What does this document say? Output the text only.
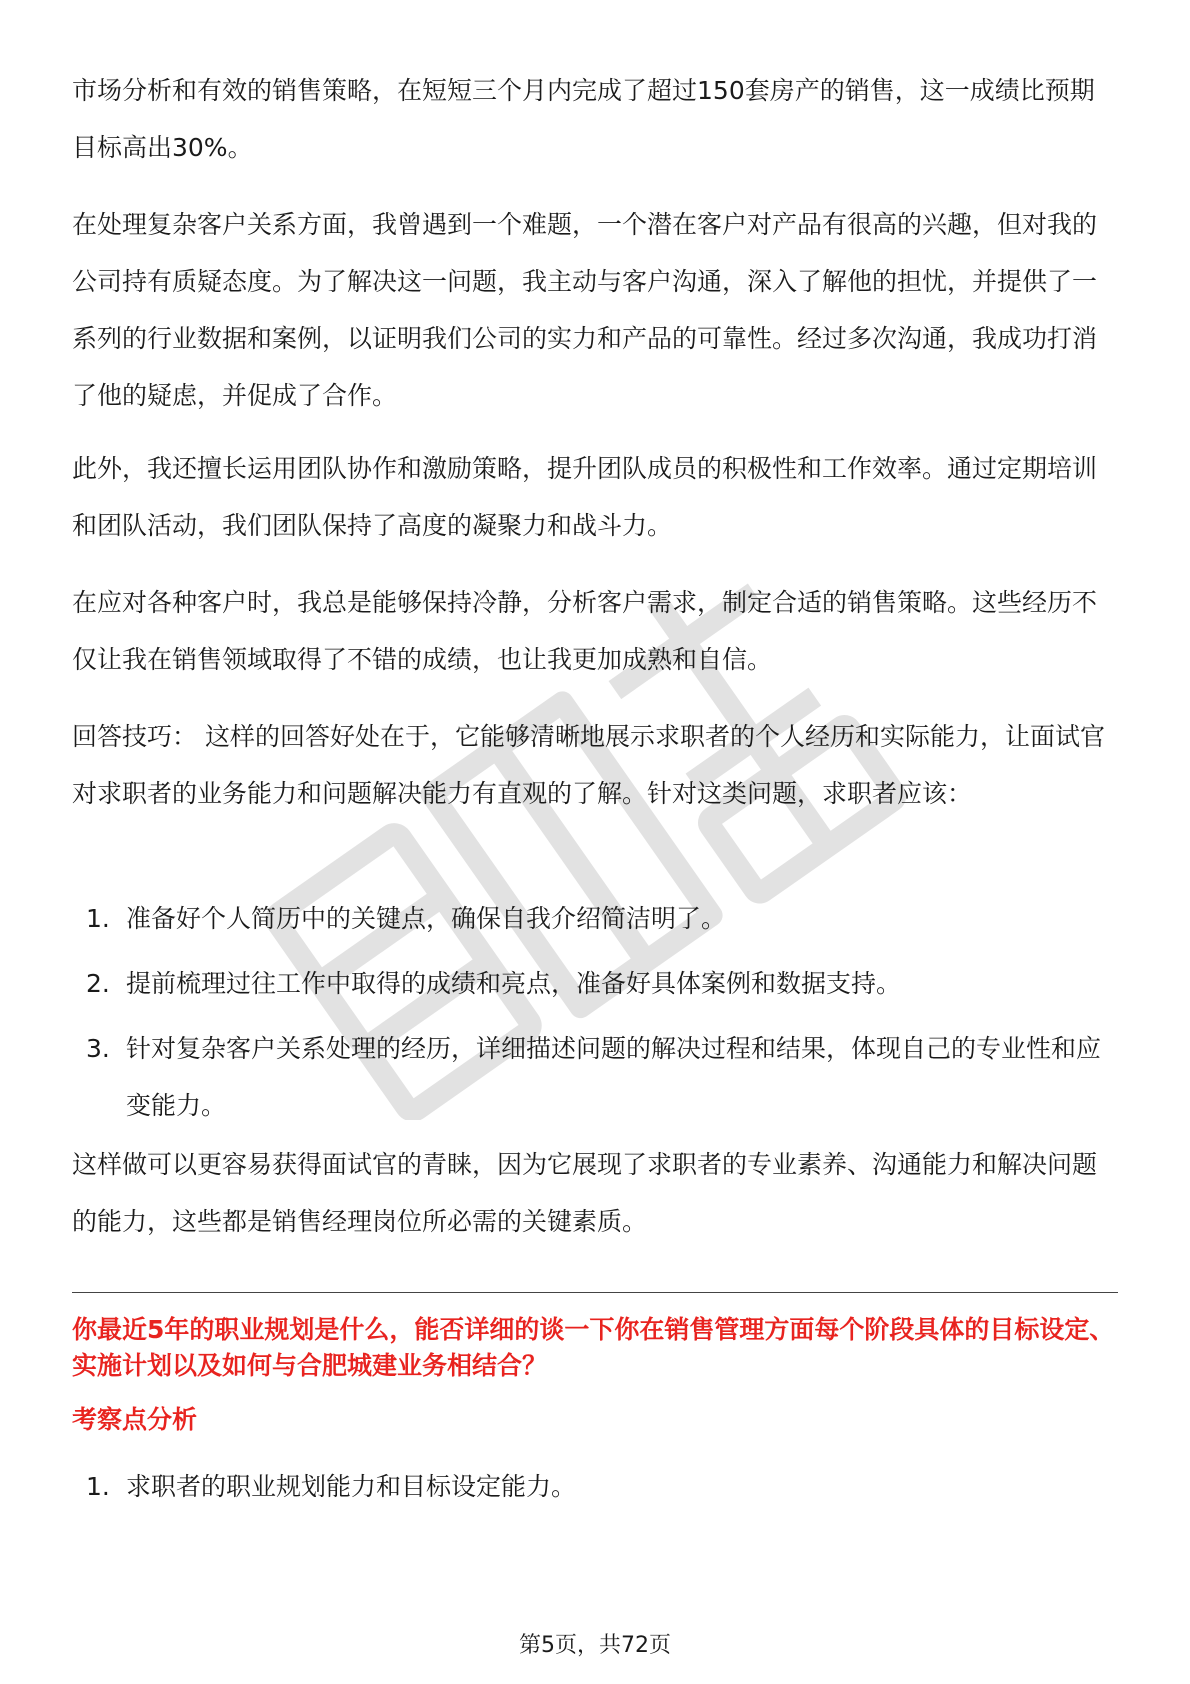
市场分析和有效的销售策略，在短短三个月内完成了超过150套房产的销售，这一成绩比预期目标高出30%。

在处理复杂客户关系方面，我曾遇到一个难题，一个潜在客户对产品有很高的兴趣，但对我的公司持有质疑态度。为了解决这一问题，我主动与客户沟通，深入了解他的担忧，并提供了一系列的行业数据和案例，以证明我们公司的实力和产品的可靠性。经过多次沟通，我成功打消了他的疑虑，并促成了合作。

此外，我还擅长运用团队协作和激励策略，提升团队成员的积极性和工作效率。通过定期培训和团队活动，我们团队保持了高度的凝聚力和战斗力。

在应对各种客户时，我总是能够保持冷静，分析客户需求，制定合适的销售策略。这些经历不仅让我在销售领域取得了不错的成绩，也让我更加成熟和自信。

回答技巧： 这样的回答好处在于，它能够清晰地展示求职者的个人经历和实际能力，让面试官对求职者的业务能力和问题解决能力有直观的了解。针对这类问题，求职者应该：

1. 准备好个人简历中的关键点，确保自我介绍简洁明了。
2. 提前梳理过往工作中取得的成绩和亮点，准备好具体案例和数据支持。
3. 针对复杂客户关系处理的经历，详细描述问题的解决过程和结果，体现自己的专业性和应变能力。

这样做可以更容易获得面试官的青睐，因为它展现了求职者的专业素养、沟通能力和解决问题的能力，这些都是销售经理岗位所必需的关键素质。

你最近5年的职业规划是什么，能否详细的谈一下你在销售管理方面每个阶段具体的目标设定、实施计划以及如何与合肥城建业务相结合？

考察点分析

1. 求职者的职业规划能力和目标设定能力。
第5页，共72页
